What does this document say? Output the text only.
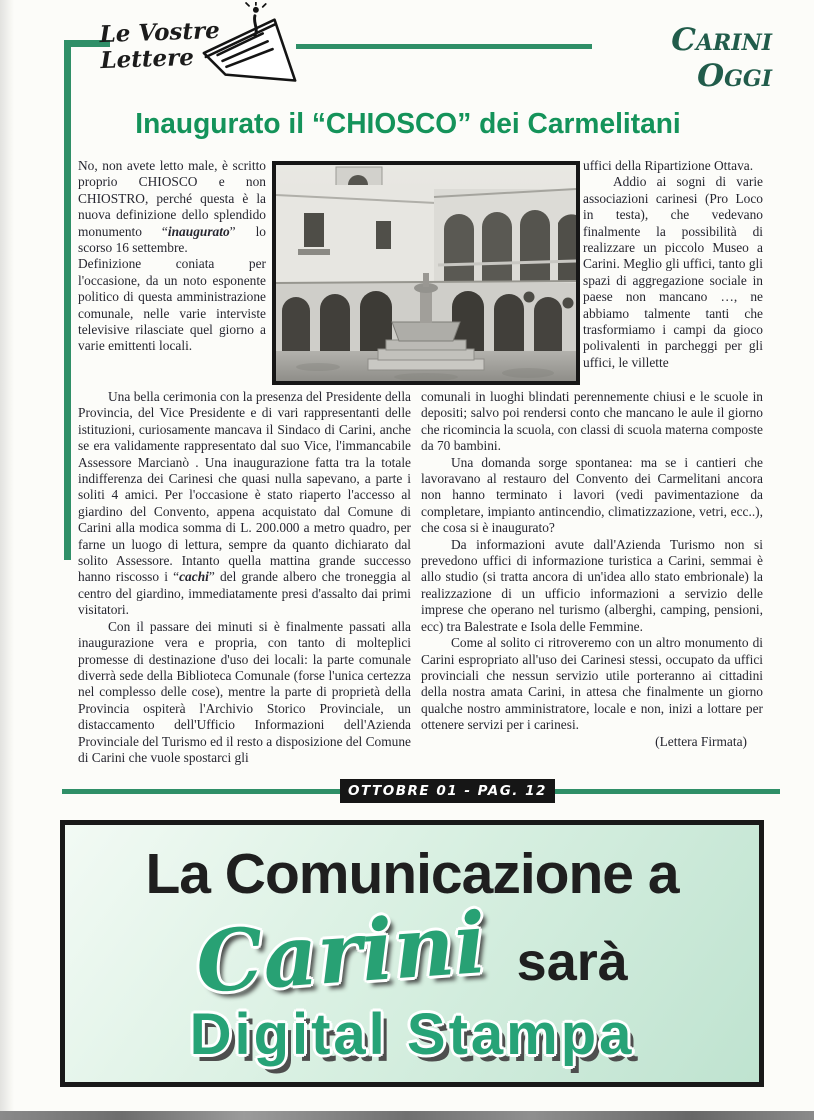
Le Vostre
Lettere
Carini Oggi
Inaugurato il “CHIOSCO” dei Carmelitani

No, non avete letto male, è scritto proprio CHIOSCO e non CHIOSTRO, perché questa è la nuova definizione dello splendido monumento “inaugurato” lo scorso 16 settembre.

Definizione coniata per l'occasione, da un noto esponente politico di questa amministrazione comunale, nelle varie interviste televisive rilasciate quel giorno a varie emittenti locali.

uffici della Ripartizione Ottava.

Addio ai sogni di varie associazioni carinesi (Pro Loco in testa), che vedevano finalmente la possibilità di realizzare un piccolo Museo a Carini. Meglio gli uffici, tanto gli spazi di aggregazione sociale in paese non mancano …, ne abbiamo talmente tanti che trasformiamo i campi da gioco polivalenti in parcheggi per gli uffici, le villette

Una bella cerimonia con la presenza del Presidente della Provincia, del Vice Presidente e di vari rappresentanti delle istituzioni, curiosamente mancava il Sindaco di Carini, anche se era validamente rappresentato dal suo Vice, l'immancabile Assessore Marcianò . Una inaugurazione fatta tra la totale indifferenza dei Carinesi che quasi nulla sapevano, a parte i soliti 4 amici. Per l'occasione è stato riaperto l'accesso al giardino del Convento, appena acquistato dal Comune di Carini alla modica somma di L. 200.000 a metro quadro, per farne un luogo di lettura, sempre da quanto dichiarato dal solito Assessore. Intanto quella mattina grande successo hanno riscosso i “cachi” del grande albero che troneggia al centro del giardino, immediatamente presi d'assalto dai primi visitatori.

Con il passare dei minuti si è finalmente passati alla inaugurazione vera e propria, con tanto di molteplici promesse di destinazione d'uso dei locali: la parte comunale diverrà sede della Biblioteca Comunale (forse l'unica certezza nel complesso delle cose), mentre la parte di proprietà della Provincia ospiterà l'Archivio Storico Provinciale, un distaccamento dell'Ufficio Informazioni dell'Azienda Provinciale del Turismo ed il resto a disposizione del Comune di Carini che vuole spostarci gli

comunali in luoghi blindati perennemente chiusi e le scuole in depositi; salvo poi rendersi conto che mancano le aule il giorno che ricomincia la scuola, con classi di scuola materna composte da 70 bambini.

Una domanda sorge spontanea: ma se i cantieri che lavoravano al restauro del Convento dei Carmelitani ancora non hanno terminato i lavori (vedi pavimentazione da completare, impianto antincendio, climatizzazione, vetri, ecc..), che cosa si è inaugurato?

Da informazioni avute dall'Azienda Turismo non si prevedono uffici di informazione turistica a Carini, semmai è allo studio (si tratta ancora di un'idea allo stato embrionale) la realizzazione di un ufficio informazioni a servizio delle imprese che operano nel turismo (alberghi, camping, pensioni, ecc) tra Balestrate e Isola delle Femmine.

Come al solito ci ritroveremo con un altro monumento di Carini espropriato all'uso dei Carinesi stessi, occupato da uffici provinciali che nessun servizio utile porteranno ai cittadini della nostra amata Carini, in attesa che finalmente un giorno qualche nostro amministratore, locale e non, inizi a lottare per ottenere servizi per i carinesi.

(Lettera Firmata)

OTTOBRE 01 - PAG. 12
La Comunicazione a
Carini sarà
Digital Stampa
